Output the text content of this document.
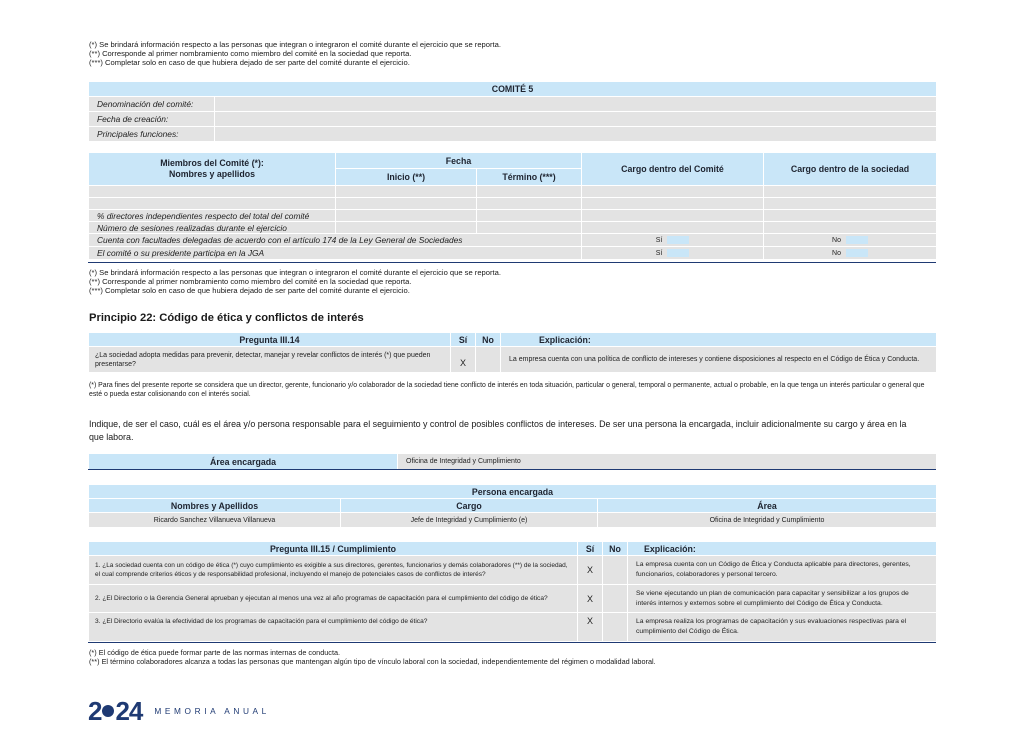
(*) Se brindará información respecto a las personas que integran o integraron el comité durante el ejercicio que se reporta.
(**) Corresponde al primer nombramiento como miembro del comité en la sociedad que reporta.
(***) Completar solo en caso de que hubiera dejado de ser parte del comité durante el ejercicio.
COMITÉ 5	
Denominación del comité:	
Fecha de creación:	
Principales funciones:	
Miembros del Comité (*):
Nombres y apellidos	Fecha		Cargo dentro del Comité	Cargo dentro de la sociedad
	Inicio (**)	Término (***)		

% directores independientes respecto del total del comité				
Número de sesiones realizadas durante el ejercicio				
Cuenta con facultades delegadas de acuerdo con el artículo 174 de la Ley General de Sociedades			Sí	No
El comité o su presidente participa en la JGA			Sí	No
(*) Se brindará información respecto a las personas que integran o integraron el comité durante el ejercicio que se reporta.
(**) Corresponde al primer nombramiento como miembro del comité en la sociedad que reporta.
(***) Completar solo en caso de que hubiera dejado de ser parte del comité durante el ejercicio.
Principio 22: Código de ética y conflictos de interés
Pregunta III.14	Sí	No	Explicación:
¿La sociedad adopta medidas para prevenir, detectar, manejar y revelar conflictos de interés (*) que pueden presentarse?	X		La empresa cuenta con una política de conflicto de intereses y contiene disposiciones al respecto en el Código de Ética y Conducta.
(*) Para fines del presente reporte se considera que un director, gerente, funcionario y/o colaborador de la sociedad tiene conflicto de interés en toda situación, particular o general, temporal o permanente, actual o probable, en la que tenga un interés particular o general que esté o pueda estar colisionando con el interés social.
Indique, de ser el caso, cuál es el área y/o persona responsable para el seguimiento y control de posibles conflictos de intereses. De ser una persona la encargada, incluir adicionalmente su cargo y área en la que labora.
Área encargada	Oficina de Integridad y Cumplimiento
Persona encargada		
Nombres y Apellidos	Cargo	Área
Ricardo Sanchez Villanueva Villanueva	Jefe de Integridad y Cumplimiento (e)	Oficina de Integridad y Cumplimiento
Pregunta III.15 / Cumplimiento	Sí	No	Explicación:
1. ¿La sociedad cuenta con un código de ética (*) cuyo cumplimiento es exigible a sus directores, gerentes, funcionarios y demás colaboradores (**) de la sociedad, el cual comprende criterios éticos y de responsabilidad profesional, incluyendo el manejo de potenciales casos de conflictos de interés?	X		La empresa cuenta con un Código de Ética y Conducta aplicable para directores, gerentes, funcionarios, colaboradores y personal tercero.
2. ¿El Directorio o la Gerencia General aprueban y ejecutan al menos una vez al año programas de capacitación para el cumplimiento del código de ética?	X		Se viene ejecutando un plan de comunicación para capacitar y sensibilizar a los grupos de interés internos y externos sobre el cumplimiento del Código de Ética y Conducta.
3. ¿El Directorio evalúa la efectividad de los programas de capacitación para el cumplimiento del código de ética?	X		La empresa realiza los programas de capacitación y sus evaluaciones respectivas para el cumplimiento del Código de Ética.
(*) El código de ética puede formar parte de las normas internas de conducta.
(**) El término colaboradores alcanza a todas las personas que mantengan algún tipo de vínculo laboral con la sociedad, independientemente del régimen o modalidad laboral.
2 24 MEMORIA ANUAL
